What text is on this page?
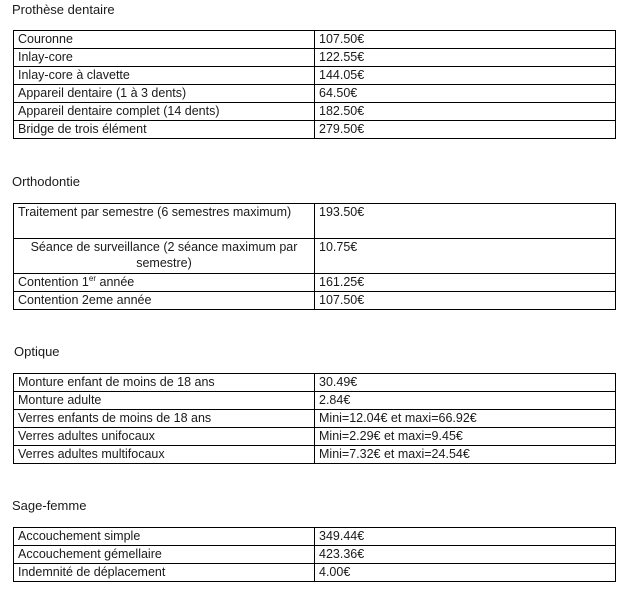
Prothèse dentaire
Couronne	107.50€
Inlay-core	122.55€
Inlay-core à clavette	144.05€
Appareil dentaire (1 à 3 dents)	64.50€
Appareil dentaire complet (14 dents)	182.50€
Bridge de trois élément	279.50€
Orthodontie
Traitement par semestre (6 semestres maximum)	193.50€
Séance de surveillance (2 séance maximum par semestre)	10.75€
Contention 1er année	161.25€
Contention 2eme année	107.50€
Optique
Monture enfant de moins de 18 ans	30.49€
Monture adulte	2.84€
Verres enfants de moins de 18 ans	Mini=12.04€ et maxi=66.92€
Verres adultes unifocaux	Mini=2.29€ et maxi=9.45€
Verres adultes multifocaux	Mini=7.32€ et maxi=24.54€
Sage-femme
Accouchement simple	349.44€
Accouchement gémellaire	423.36€
Indemnité de déplacement	4.00€
